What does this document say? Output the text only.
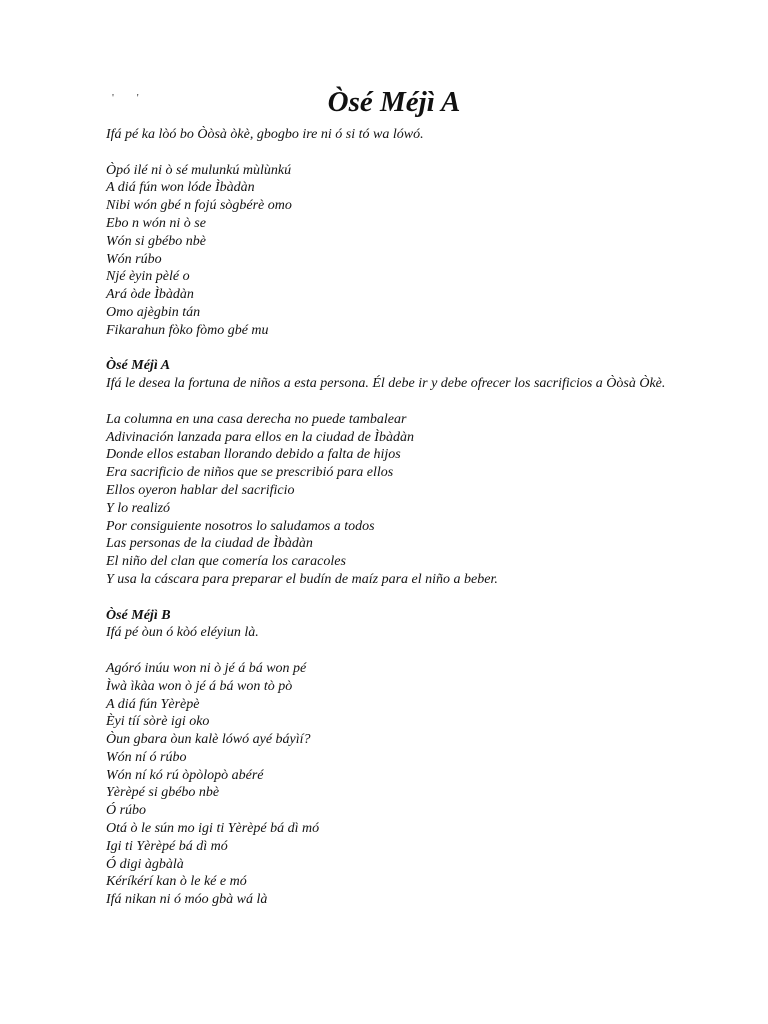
' '	Òsé Méjì A
Ifá pé ka lòó bo Òòsà òkè, gbogbo ire ni ó si tó wa lówó.
Òpó ilé ni ò sé mulunkú mùlùnkú
A diá fún won lóde Ìbàdàn
Nibi wón gbé n fojú sògbérè omo
Ebo n wón ni ò se
Wón si gbébo nbè
Wón rúbo
Njé èyin pèlé o
Ará òde Ìbàdàn
Omo ajègbin tán
Fikarahun fòko fòmo gbé mu
Òsé Méjì A
Ifá le desea la fortuna de niños a esta persona. Él debe ir y debe ofrecer los sacrificios a Òòsà Òkè.
La columna en una casa derecha no puede tambalear
Adivinación lanzada para ellos en la ciudad de Ìbàdàn
Donde ellos estaban llorando debido a falta de hijos
Era sacrificio de niños que se prescribió para ellos
Ellos oyeron hablar del sacrificio
Y lo realizó
Por consiguiente nosotros lo saludamos a todos
Las personas de la ciudad de Ìbàdàn
El niño del clan que comería los caracoles
Y usa la cáscara para preparar el budín de maíz para el niño a beber.
Òsé Méjì B
Ifá pé òun ó kòó eléyiun là.
Agóró inúu won ni ò jé á bá won pé
Ìwà ìkàa won ò jé á bá won tò pò
A diá fún Yèrèpè
Èyi tíí sòrè igi oko
Òun gbara òun kalè lówó ayé báyìí?
Wón ní ó rúbo
Wón ní kó rú òpòlopò abéré
Yèrèpé si gbébo nbè
Ó rúbo
Otá ò le sún mo igi ti Yèrèpé bá dì mó
Igi ti Yèrèpé bá dì mó
Ó digi àgbàlà
Kéríkérí kan ò le ké e mó
Ifá nikan ni ó móo gbà wá là
